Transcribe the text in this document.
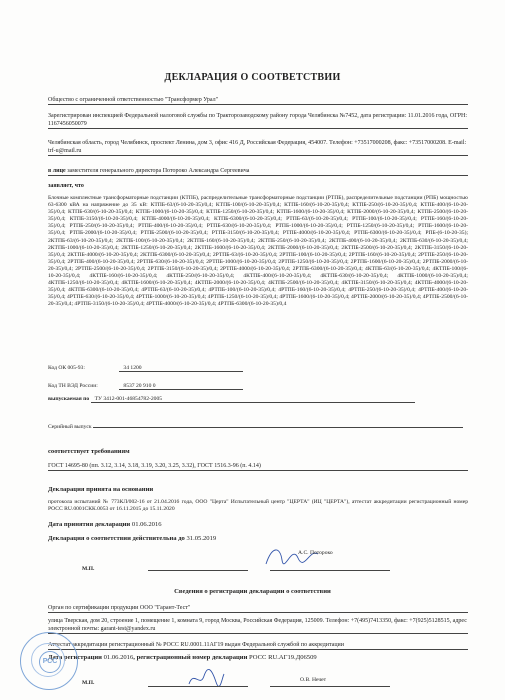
ДЕКЛАРАЦИЯ О СООТВЕТСТВИИ
Общество с ограниченной ответственностью "Трансформер Урал"
Зарегистрирован инспекцией Федеральной налоговой службы по Тракторозаводскому району города Челябинска №7452, дата регистрации: 11.01.2016 года, ОГРН: 1167456050079
Челябинская область, город Челябинск, проспект Ленина, дом 3, офис 416 Д, Российская Федерация, 454007. Телефон: +73517000208, факс: +73517000208. E-mail: trf-u@mail.ru
в лице заместителя генерального директора Потороко Александра Сергеевича
заявляет, что
Блочные комплектные трансформаторные подстанции (КТПБ), распределительные трансформаторные подстанции (РТПБ), распределительные подстанции (РПБ) мощностью 63-6300 кВА на напряжение до 35 кВ: КТПБ-63/(6-10-20-35)/0,4; КТПБ-100/(6-10-20-35)/0,4; КТПБ-160/(6-10-20-35)/0,4; КТПБ-250/(6-10-20-35)/0,4; КТПБ-400/(6-10-20-35)/0,4; КТПБ-630/(6-10-20-35)/0,4; КТПБ-1000/(6-10-20-35)/0,4; КТПБ-1250/(6-10-20-35)/0,4; КТПБ-1600/(6-10-20-35)/0,4; КТПБ-2000/(6-10-20-35)/0,4; КТПБ-2500/(6-10-20-35)/0,4; КТПБ-3150/(6-10-20-35)/0,4; КТПБ-4000/(6-10-20-35)/0,4; КТПБ-6300/(6-10-20-35)/0,4; РТПБ-63/(6-10-20-35)/0,4; РТПБ-100/(6-10-20-35)/0,4; РТПБ-160/(6-10-20-35)/0,4; РТПБ-250/(6-10-20-35)/0,4; РТПБ-400/(6-10-20-35)/0,4; РТПБ-630/(6-10-20-35)/0,4; РТПБ-1000/(6-10-20-35)/0,4; РТПБ-1250/(6-10-20-35)/0,4; РТПБ-1600/(6-10-20-35)/0,4; РТПБ-2000/(6-10-20-35)/0,4; РТПБ-2500/(6-10-20-35)/0,4; РТПБ-3150/(6-10-20-35)/0,4; РТПБ-4000/(6-10-20-35)/0,4; РТПБ-6300/(6-10-20-35)/0,4; РПБ-(6-10-20-35); 2КТПБ-63/(6-10-20-35)/0,4; 2КТПБ-100/(6-10-20-35)/0,4; 2КТПБ-160/(6-10-20-35)/0,4; 2КТПБ-250/(6-10-20-35)/0,4; 2КТПБ-400/(6-10-20-35)/0,4; 2КТПБ-630/(6-10-20-35)/0,4; 2КТПБ-1000/(6-10-20-35)/0,4; 2КТПБ-1250/(6-10-20-35)/0,4; 2КТПБ-1600/(6-10-20-35)/0,4; 2КТПБ-2000/(6-10-20-35)/0,4; 2КТПБ-2500/(6-10-20-35)/0,4; 2КТПБ-3150/(6-10-20-35)/0,4; 2КТПБ-4000/(6-10-20-35)/0,4; 2КТПБ-6300/(6-10-20-35)/0,4; 2РТПБ-63/(6-10-20-35)/0,4; 2РТПБ-100/(6-10-20-35)/0,4; 2РТПБ-160/(6-10-20-35)/0,4; 2РТПБ-250/(6-10-20-35)/0,4; 2РТПБ-400/(6-10-20-35)/0,4; 2РТПБ-630/(6-10-20-35)/0,4; 2РТПБ-1000/(6-10-20-35)/0,4; 2РТПБ-1250/(6-10-20-35)/0,4; 2РТПБ-1600/(6-10-20-35)/0,4; 2РТПБ-2000/(6-10-20-35)/0,4; 2РТПБ-2500/(6-10-20-35)/0,4; 2РТПБ-3150/(6-10-20-35)/0,4; 2РТПБ-4000/(6-10-20-35)/0,4; 2РТПБ-6300/(6-10-20-35)/0,4; 4КТПБ-63/(6-10-20-35)/0,4; 4КТПБ-100/(6-10-20-35)/0,4; 4КТПБ-160/(6-10-20-35)/0,4; 4КТПБ-250/(6-10-20-35)/0,4; 4КТПБ-400/(6-10-20-35)/0,4; 4КТПБ-630/(6-10-20-35)/0,4; 4КТПБ-1000/(6-10-20-35)/0,4; 4КТПБ-1250/(6-10-20-35)/0,4; 4КТПБ-1600/(6-10-20-35)/0,4; 4КТПБ-2000/(6-10-20-35)/0,4; 4КТПБ-2500/(6-10-20-35)/0,4; 4КТПБ-3150/(6-10-20-35)/0,4; 4КТПБ-4000/(6-10-20-35)/0,4; 4КТПБ-6300/(6-10-20-35)/0,4; 4РТПБ-63/(6-10-20-35)/0,4; 4РТПБ-100/(6-10-20-35)/0,4; 4РТПБ-160/(6-10-20-35)/0,4; 4РТПБ-250/(6-10-20-35)/0,4; 4РТПБ-400/(6-10-20-35)/0,4; 4РТПБ-630/(6-10-20-35)/0,4; 4РТПБ-1000/(6-10-20-35)/0,4; 4РТПБ-1250/(6-10-20-35)/0,4; 4РТПБ-1600/(6-10-20-35)/0,4; 4РТПБ-2000/(6-10-20-35)/0,4; 4РТПБ-2500/(6-10-20-35)/0,4; 4РТПБ-3150/(6-10-20-35)/0,4; 4РТПБ-4000/(6-10-20-35)/0,4; 4РТПБ-6300/(6-10-20-35)/0,4
Код ОК 005-93:	34 1200
Код ТН ВЭД России:	8537 20 910 0
выпускаемая по ТУ 3412-001-46854782-2005
Серийный выпуск
соответствует требованиям
ГОСТ 14695-80 (пп. 3.12, 3.14, 3.18, 3.19, 3.20, 3.25, 3.32), ГОСТ 1516.3-96 (п. 4.14)
Декларация принята на основании
протокола испытаний № 773КЛ/002-16 от 21.04.2016 года, ООО "Церта" Испытательный центр "ЦЕРТА" (ИЦ "ЦЕРТА"), аттестат аккредитации регистрационный номер РОСС RU.0001СКК.0053 от 16.11.2015 до 15.11.2020
Дата принятия декларации 01.06.2016
Декларация о соответствии действительна до 31.05.2019
А.С. Потороко
М.П.
Сведения о регистрации декларации о соответствии
Орган по сертификации продукции ООО "Гарант-Тест"
улица Тверская, дом 20, строение 1, помещение 1, комната 9, город Москва, Российская Федерация, 125009. Телефон: +7(495)7413350, факс: +7(925)5128515, адрес электронной почты: garant-test@yandex.ru
Аттестат аккредитации регистрационный № РОСС RU.0001.11АГ19 выдан Федеральной службой по аккредитации
Дата регистрации 01.06.2016, регистрационный номер декларации РОСС RU.АГ19.Д06509
РСС
О.В. Нечет
М.П.
